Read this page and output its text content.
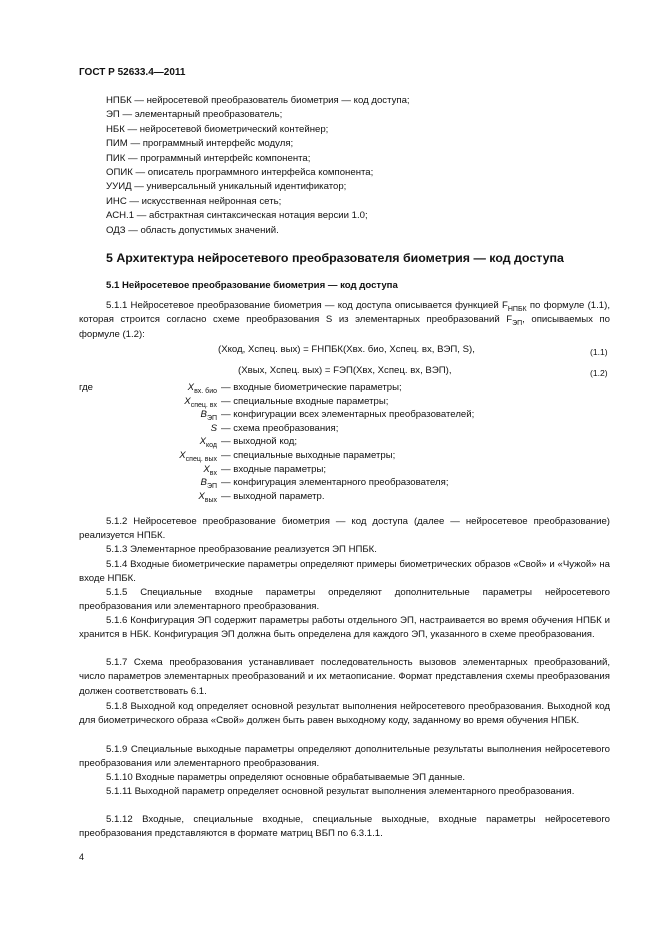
ГОСТ Р 52633.4—2011
НПБК — нейросетевой преобразователь биометрия — код доступа;
ЭП — элементарный преобразователь;
НБК — нейросетевой биометрический контейнер;
ПИМ — программный интерфейс модуля;
ПИК — программный интерфейс компонента;
ОПИК — описатель программного интерфейса компонента;
УУИД — универсальный уникальный идентификатор;
ИНС — искусственная нейронная сеть;
АСН.1 — абстрактная синтаксическая нотация версии 1.0;
ОДЗ — область допустимых значений.
5 Архитектура нейросетевого преобразователя биометрия — код доступа
5.1 Нейросетевое преобразование биометрия — код доступа
5.1.1 Нейросетевое преобразование биометрия — код доступа описывается функцией $F_{НПБК}$ по формуле (1.1), которая строится согласно схеме преобразования S из элементарных преобразований $F_{ЭП}$, описываемых по формуле (1.2):
(Xкод, Xспец. вых) = FНПБК(Xвх. био, Xспец. вх, BЭП, S),	(1.1)
(Xвых, Xспец. вых) = FЭП(Xвх, Xспец. вх, BЭП),	(1.2)
где	$X_{вх. био}$ — входные биометрические параметры;
$X_{спец. вх}$ — специальные входные параметры;
$B_{ЭП}$ — конфигурации всех элементарных преобразователей;
S — схема преобразования;
$X_{код}$ — выходной код;
$X_{спец. вых}$ — специальные выходные параметры;
$X_{вх}$ — входные параметры;
$B_{ЭП}$ — конфигурация элементарного преобразователя;
$X_{вых}$ — выходной параметр.
5.1.2 Нейросетевое преобразование биометрия — код доступа (далее — нейросетевое преобразование) реализуется НПБК.
5.1.3 Элементарное преобразование реализуется ЭП НПБК.
5.1.4 Входные биометрические параметры определяют примеры биометрических образов «Свой» и «Чужой» на входе НПБК.
5.1.5 Специальные входные параметры определяют дополнительные параметры нейросетевого преобразования или элементарного преобразования.
5.1.6 Конфигурация ЭП содержит параметры работы отдельного ЭП, настраивается во время обучения НПБК и хранится в НБК. Конфигурация ЭП должна быть определена для каждого ЭП, указанного в схеме преобразования.
5.1.7 Схема преобразования устанавливает последовательность вызовов элементарных преобразований, число параметров элементарных преобразований и их метаописание. Формат представления схемы преобразования должен соответствовать 6.1.
5.1.8 Выходной код определяет основной результат выполнения нейросетевого преобразования. Выходной код для биометрического образа «Свой» должен быть равен выходному коду, заданному во время обучения НПБК.
5.1.9 Специальные выходные параметры определяют дополнительные результаты выполнения нейросетевого преобразования или элементарного преобразования.
5.1.10 Входные параметры определяют основные обрабатываемые ЭП данные.
5.1.11 Выходной параметр определяет основной результат выполнения элементарного преобразования.
5.1.12 Входные, специальные входные, специальные выходные, входные параметры нейросетевого преобразования представляются в формате матриц ВБП по 6.3.1.1.
4
